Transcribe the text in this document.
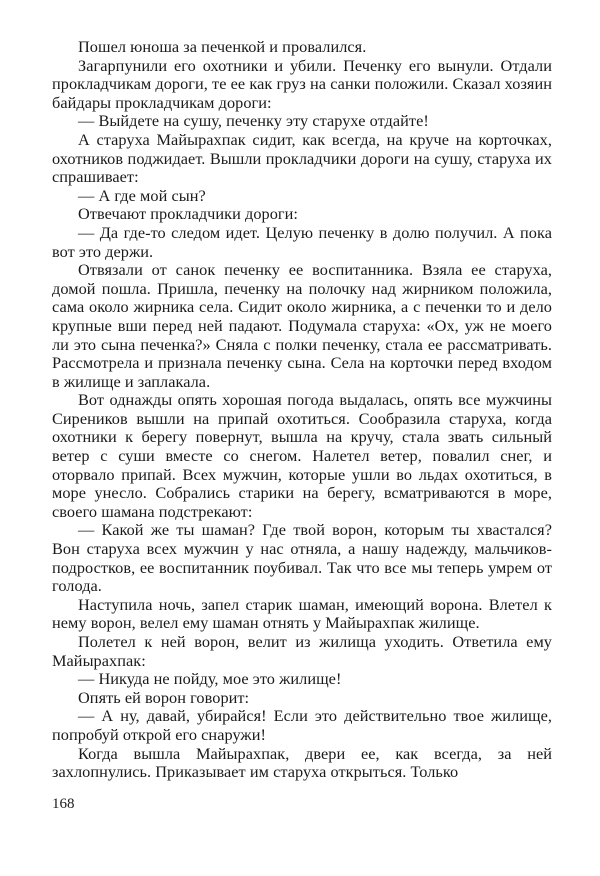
Пошел юноша за печенкой и провалился.

Загарпунили его охотники и убили. Печенку его вынули. Отдали прокладчикам дороги, те ее как груз на санки положили. Сказал хозяин байдары прокладчикам дороги:

— Выйдете на сушу, печенку эту старухе отдайте!

А старуха Майырахпак сидит, как всегда, на круче на корточках, охотников поджидает. Вышли прокладчики дороги на сушу, старуха их спрашивает:

— А где мой сын?

Отвечают прокладчики дороги:

— Да где-то следом идет. Целую печенку в долю получил. А пока вот это держи.

Отвязали от санок печенку ее воспитанника. Взяла ее старуха, домой пошла. Пришла, печенку на полочку над жирником положила, сама около жирника села. Сидит около жирника, а с печенки то и дело крупные вши перед ней падают. Подумала старуха: «Ох, уж не моего ли это сына печенка?» Сняла с полки печенку, стала ее рассматривать. Рассмотрела и признала печенку сына. Села на корточки перед входом в жилище и заплакала.

Вот однажды опять хорошая погода выдалась, опять все мужчины Сиреников вышли на припай охотиться. Сообразила старуха, когда охотники к берегу повернут, вышла на кручу, стала звать сильный ветер с суши вместе со снегом. Налетел ветер, повалил снег, и оторвало припай. Всех мужчин, которые ушли во льдах охотиться, в море унесло. Собрались старики на берегу, всматриваются в море, своего шамана подстрекают:

— Какой же ты шаман? Где твой ворон, которым ты хвастался? Вон старуха всех мужчин у нас отняла, а нашу надежду, мальчиков-подростков, ее воспитанник поубивал. Так что все мы теперь умрем от голода.

Наступила ночь, запел старик шаман, имеющий ворона. Влетел к нему ворон, велел ему шаман отнять у Майырахпак жилище.

Полетел к ней ворон, велит из жилища уходить. Ответила ему Майырахпак:

— Никуда не пойду, мое это жилище!

Опять ей ворон говорит:

— А ну, давай, убирайся! Если это действительно твое жилище, попробуй открой его снаружи!

Когда вышла Майырахпак, двери ее, как всегда, за ней захлопнулись. Приказывает им старуха открыться. Только

168
